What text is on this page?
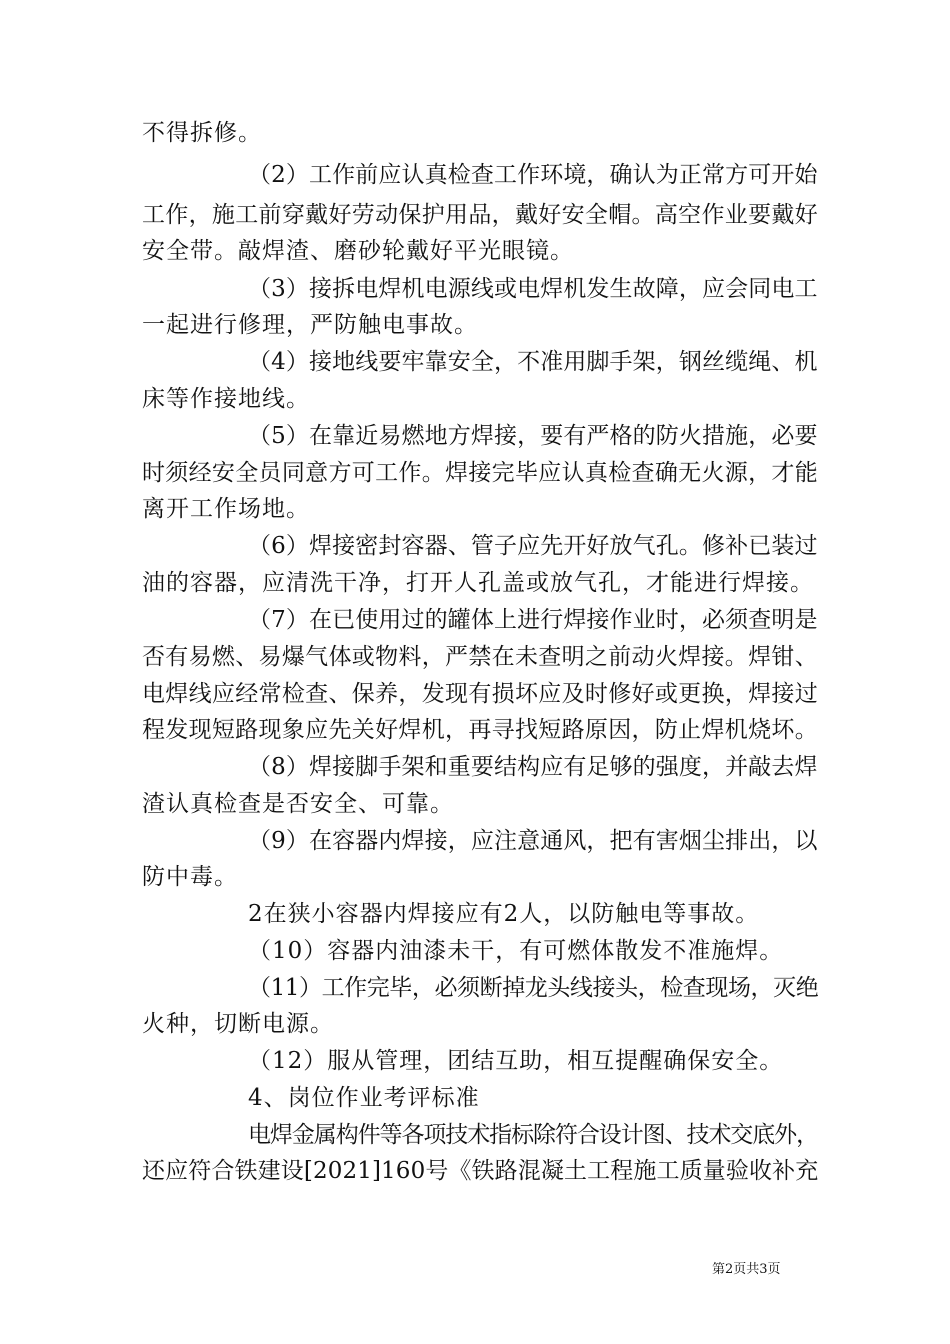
不得拆修。
（2）工作前应认真检查工作环境，确认为正常方可开始
工作，施工前穿戴好劳动保护用品，戴好安全帽。高空作业要戴好
安全带。敲焊渣、磨砂轮戴好平光眼镜。
（3）接拆电焊机电源线或电焊机发生故障，应会同电工
一起进行修理，严防触电事故。
（4）接地线要牢靠安全，不准用脚手架，钢丝缆绳、机
床等作接地线。
（5）在靠近易燃地方焊接，要有严格的防火措施，必要
时须经安全员同意方可工作。焊接完毕应认真检查确无火源，才能
离开工作场地。
（6）焊接密封容器、管子应先开好放气孔。修补已装过
油的容器，应清洗干净，打开人孔盖或放气孔，才能进行焊接。
（7）在已使用过的罐体上进行焊接作业时，必须查明是
否有易燃、易爆气体或物料，严禁在未查明之前动火焊接。焊钳、
电焊线应经常检查、保养，发现有损坏应及时修好或更换，焊接过
程发现短路现象应先关好焊机，再寻找短路原因，防止焊机烧坏。
（8）焊接脚手架和重要结构应有足够的强度，并敲去焊
渣认真检查是否安全、可靠。
（9）在容器内焊接，应注意通风，把有害烟尘排出，以
防中毒。
2在狭小容器内焊接应有2人，以防触电等事故。
（10）容器内油漆未干，有可燃体散发不准施焊。
（11）工作完毕，必须断掉龙头线接头，检查现场，灭绝
火种，切断电源。
（12）服从管理，团结互助，相互提醒确保安全。
4、岗位作业考评标准
电焊金属构件等各项技术指标除符合设计图、技术交底外，
还应符合铁建设[2021]160号《铁路混凝土工程施工质量验收补充
第2页共3页
